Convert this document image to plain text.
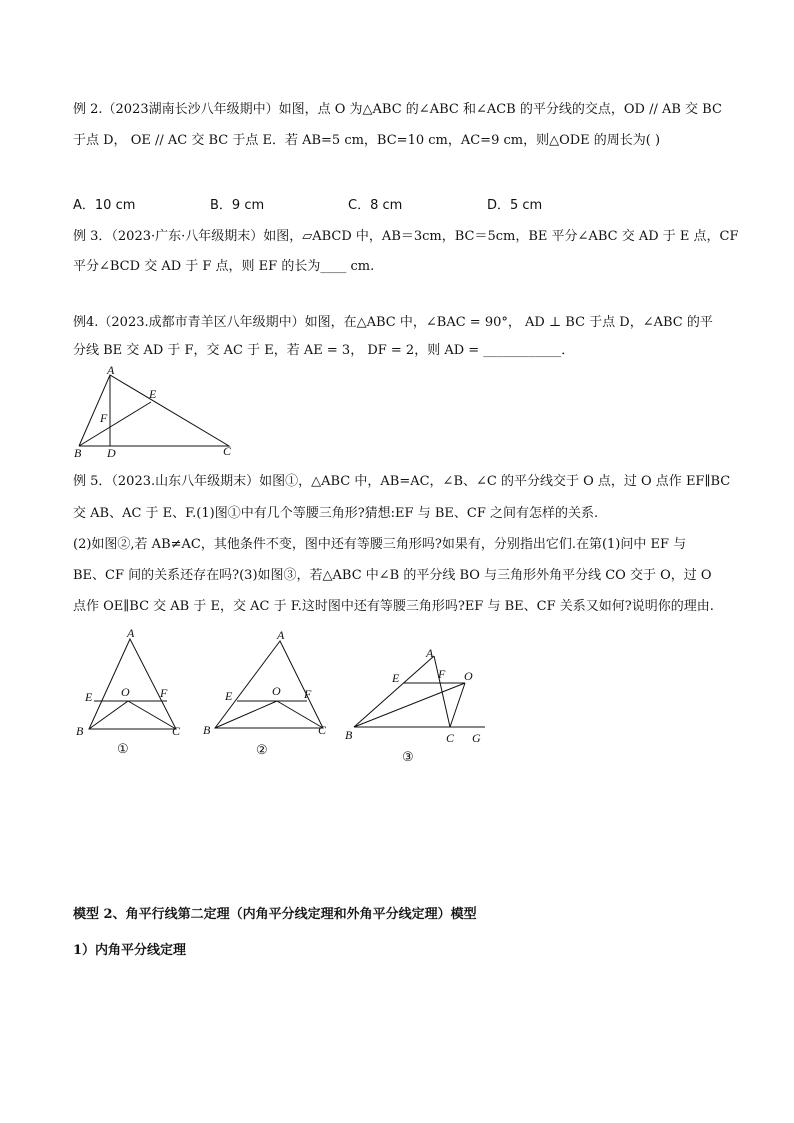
例 2.（2023湖南长沙八年级期中）如图，点 O 为△ABC 的∠ABC 和∠ACB 的平分线的交点，OD // AB 交 BC
于点 D， OE // AC 交 BC 于点 E．若 AB=5 cm，BC=10 cm，AC=9 cm，则△ODE 的周长为( )
A．10 cm	B．9 cm	C．8 cm	D．5 cm
例 3．（2023·广东·八年级期末）如图，▱ABCD 中，AB＝3cm，BC＝5cm，BE 平分∠ABC 交 AD 于 E 点，CF
平分∠BCD 交 AD 于 F 点，则 EF 的长为____ cm.
例4.（2023.成都市青羊区八年级期中）如图，在△ABC 中，∠BAC = 90°， AD ⊥ BC 于点 D，∠ABC 的平
分线 BE 交 AD 于 F，交 AC 于 E，若 AE = 3， DF = 2，则 AD = ____________．
A
E
F
B D	C
例 5．（2023.山东八年级期末）如图①，△ABC 中，AB=AC，∠B、∠C 的平分线交于 O 点，过 O 点作 EF∥BC
交 AB、AC 于 E、F.(1)图①中有几个等腰三角形?猜想:EF 与 BE、CF 之间有怎样的关系.
(2)如图②,若 AB≠AC，其他条件不变，图中还有等腰三角形吗?如果有，分别指出它们.在第(1)问中 EF 与
BE、CF 间的关系还存在吗?(3)如图③，若△ABC 中∠B 的平分线 BO 与三角形外角平分线 CO 交于 O，过 O
点作 OE∥BC 交 AB 于 E，交 AC 于 F.这时图中还有等腰三角形吗?EF 与 BE、CF 关系又如何?说明你的理由.
A
E O	F
B	C
①
A
E	O F
B	C
②
A
E	F O
B	C G
③
模型 2、角平行线第二定理（内角平分线定理和外角平分线定理）模型
1）内角平分线定理
